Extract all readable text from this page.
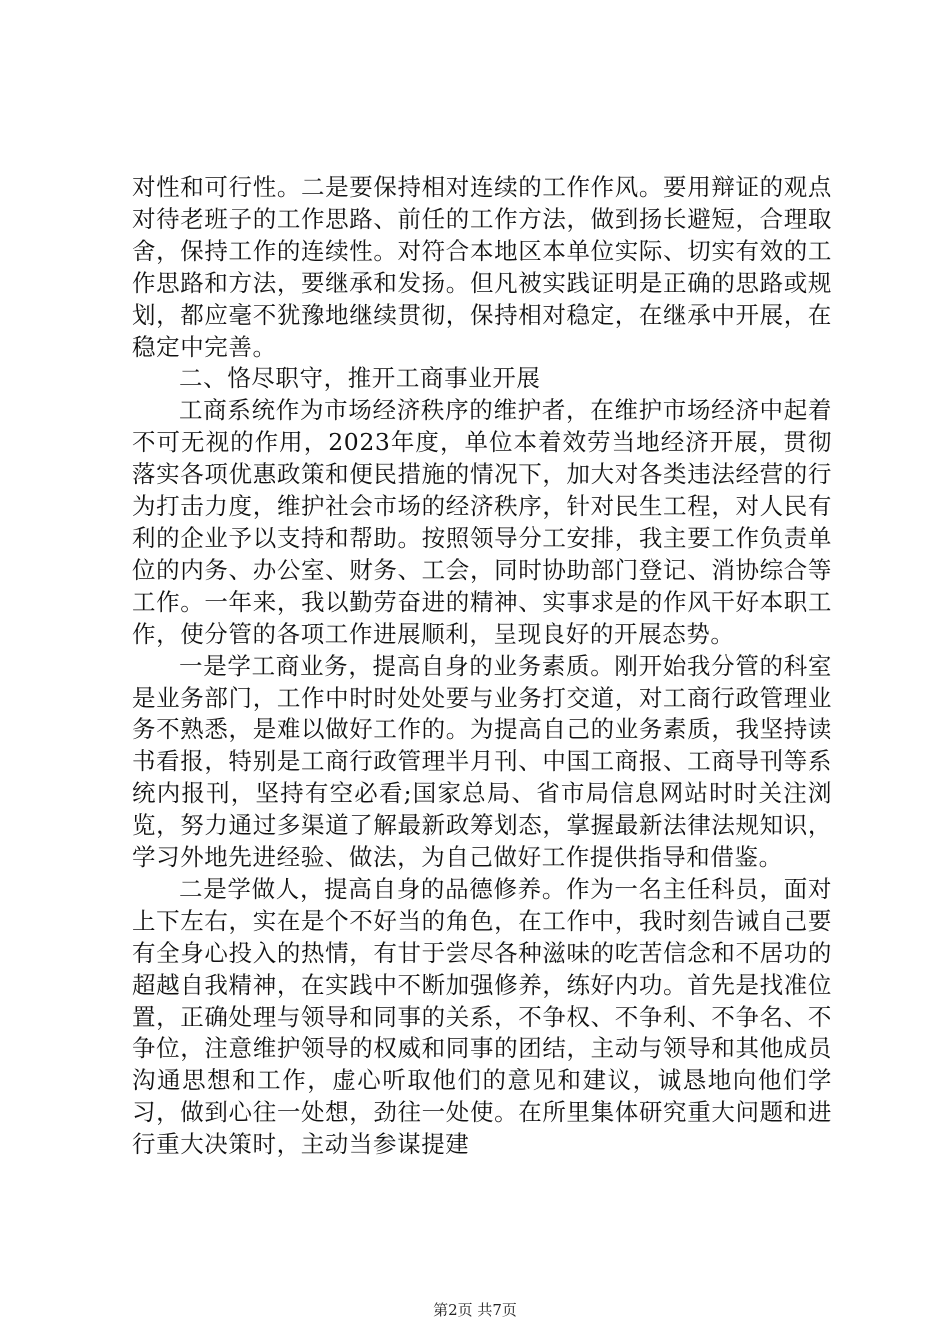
对性和可行性。二是要保持相对连续的工作作风。要用辩证的观点对待老班子的工作思路、前任的工作方法，做到扬长避短，合理取舍，保持工作的连续性。对符合本地区本单位实际、切实有效的工作思路和方法，要继承和发扬。但凡被实践证明是正确的思路或规划，都应毫不犹豫地继续贯彻，保持相对稳定，在继承中开展，在稳定中完善。

二、恪尽职守，推开工商事业开展

工商系统作为市场经济秩序的维护者，在维护市场经济中起着不可无视的作用，2023年度，单位本着效劳当地经济开展，贯彻落实各项优惠政策和便民措施的情况下，加大对各类违法经营的行为打击力度，维护社会市场的经济秩序，针对民生工程，对人民有利的企业予以支持和帮助。按照领导分工安排，我主要工作负责单位的内务、办公室、财务、工会，同时协助部门登记、消协综合等工作。一年来，我以勤劳奋进的精神、实事求是的作风干好本职工作，使分管的各项工作进展顺利，呈现良好的开展态势。

一是学工商业务，提高自身的业务素质。刚开始我分管的科室是业务部门，工作中时时处处要与业务打交道，对工商行政管理业务不熟悉，是难以做好工作的。为提高自己的业务素质，我坚持读书看报，特别是工商行政管理半月刊、中国工商报、工商导刊等系统内报刊，坚持有空必看;国家总局、省市局信息网站时时关注浏览，努力通过多渠道了解最新政筹划态，掌握最新法律法规知识，学习外地先进经验、做法，为自己做好工作提供指导和借鉴。

二是学做人，提高自身的品德修养。作为一名主任科员，面对上下左右，实在是个不好当的角色，在工作中，我时刻告诫自己要有全身心投入的热情，有甘于尝尽各种滋味的吃苦信念和不居功的超越自我精神，在实践中不断加强修养，练好内功。首先是找准位置，正确处理与领导和同事的关系，不争权、不争利、不争名、不争位，注意维护领导的权威和同事的团结，主动与领导和其他成员沟通思想和工作，虚心听取他们的意见和建议，诚恳地向他们学习，做到心往一处想，劲往一处使。在所里集体研究重大问题和进行重大决策时，主动当参谋提建

第2页 共7页
